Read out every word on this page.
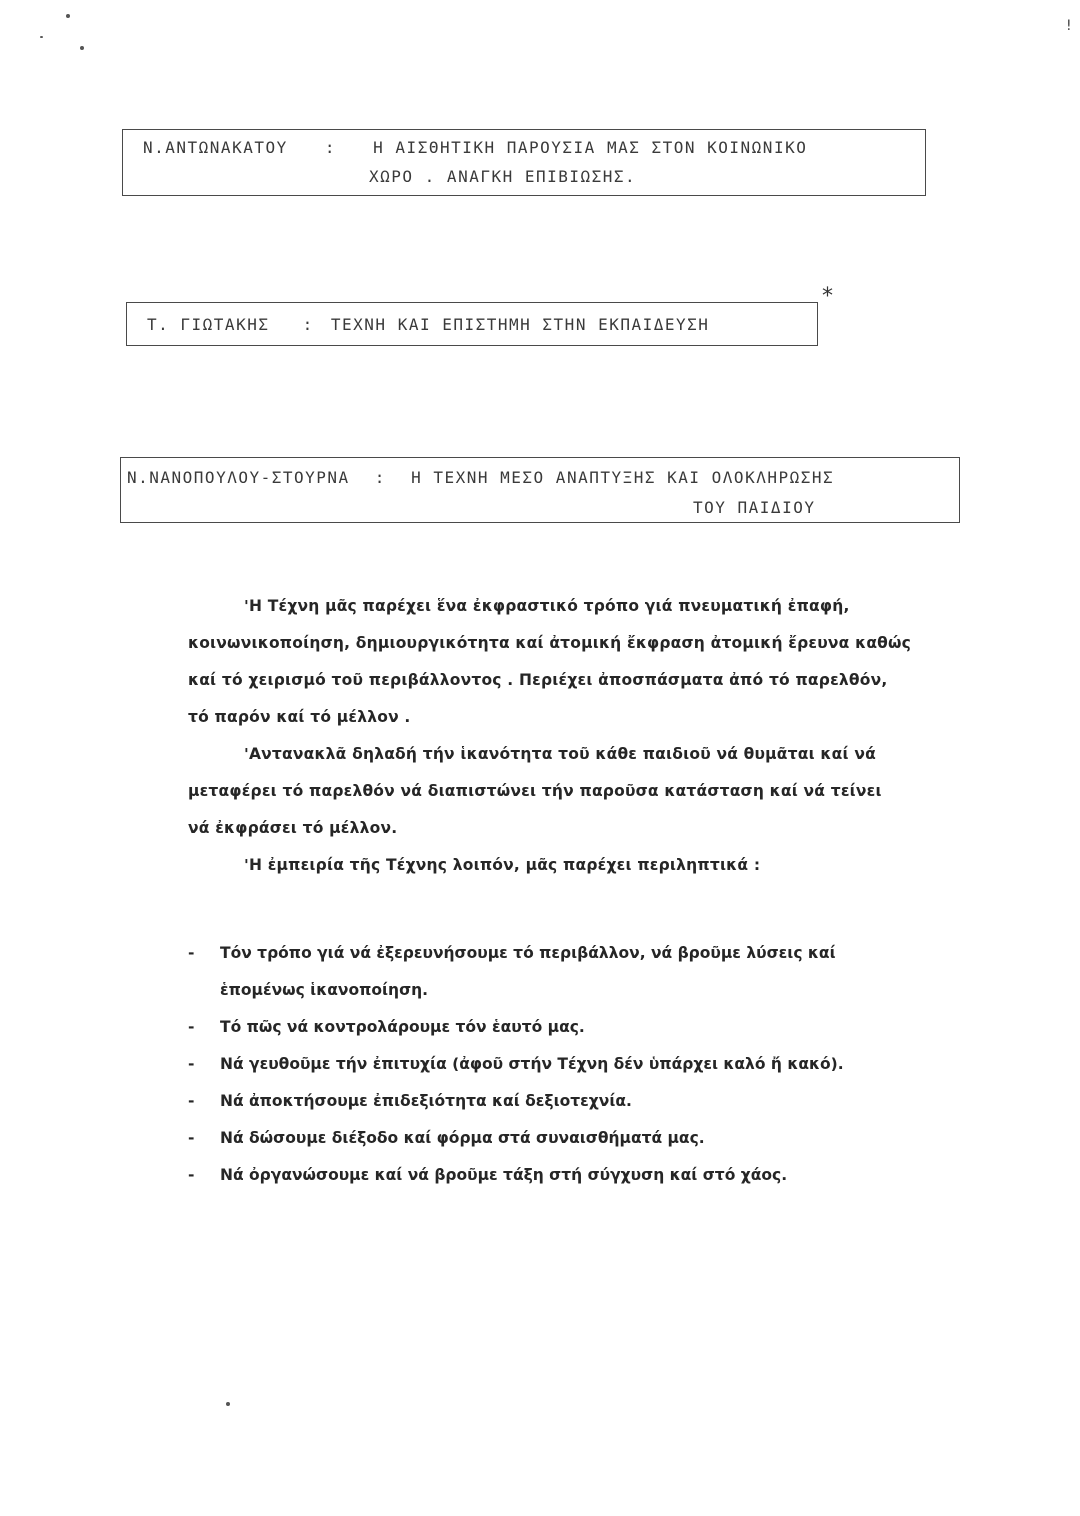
!
Ν.ΑΝΤΩΝΑΚΑΤΟΥ : Η ΑΙΣΘΗΤΙΚΗ ΠΑΡΟΥΣΙΑ ΜΑΣ ΣΤΟΝ ΚΟΙΝΩΝΙΚΟ
ΧΩΡΟ . ΑΝΑΓΚΗ ΕΠΙΒΙΩΣΗΣ.
Τ. ΓΙΩΤΑΚΗΣ : ΤΕΧΝΗ ΚΑΙ ΕΠΙΣΤΗΜΗ ΣΤΗΝ ΕΚΠΑΙΔΕΥΣΗ
*
Ν.ΝΑΝΟΠΟΥΛΟΥ-ΣΤΟΥΡΝΑ : Η ΤΕΧΝΗ ΜΕΣΟ ΑΝΑΠΤΥΞΗΣ ΚΑΙ ΟΛΟΚΛΗΡΩΣΗΣ
ΤΟΥ ΠΑΙΔΙΟΥ
'Η Τέχνη μᾶς παρέχει ἕνα ἐκφραστικό τρόπο γιά πνευματική ἐπαφή,
κοινωνικοποίηση, δημιουργικότητα καί ἀτομική ἔκφραση ἀτομική ἔρευνα καθώς
καί τό χειρισμό τοῦ περιβάλλοντος . Περιέχει ἀποσπάσματα ἀπό τό παρελθόν,
τό παρόν καί τό μέλλον .
'Αντανακλᾶ δηλαδή τήν ἱκανότητα τοῦ κάθε παιδιοῦ νά θυμᾶται καί νά
μεταφέρει τό παρελθόν νά διαπιστώνει τήν παροῦσα κατάσταση καί νά τείνει
νά ἐκφράσει τό μέλλον.
'Η ἐμπειρία τῆς Τέχνης λοιπόν, μᾶς παρέχει περιληπτικά :
- Τόν τρόπο γιά νά ἐξερευνήσουμε τό περιβάλλον, νά βροῦμε λύσεις καί
ἑπομένως ἱκανοποίηση.
- Τό πῶς νά κοντρολάρουμε τόν ἑαυτό μας.
- Νά γευθοῦμε τήν ἐπιτυχία (ἀφοῦ στήν Τέχνη δέν ὑπάρχει καλό ἤ κακό).
- Νά ἀποκτήσουμε ἐπιδεξιότητα καί δεξιοτεχνία.
- Νά δώσουμε διέξοδο καί φόρμα στά συναισθήματά μας.
- Νά ὀργανώσουμε καί νά βροῦμε τάξη στή σύγχυση καί στό χάος.
